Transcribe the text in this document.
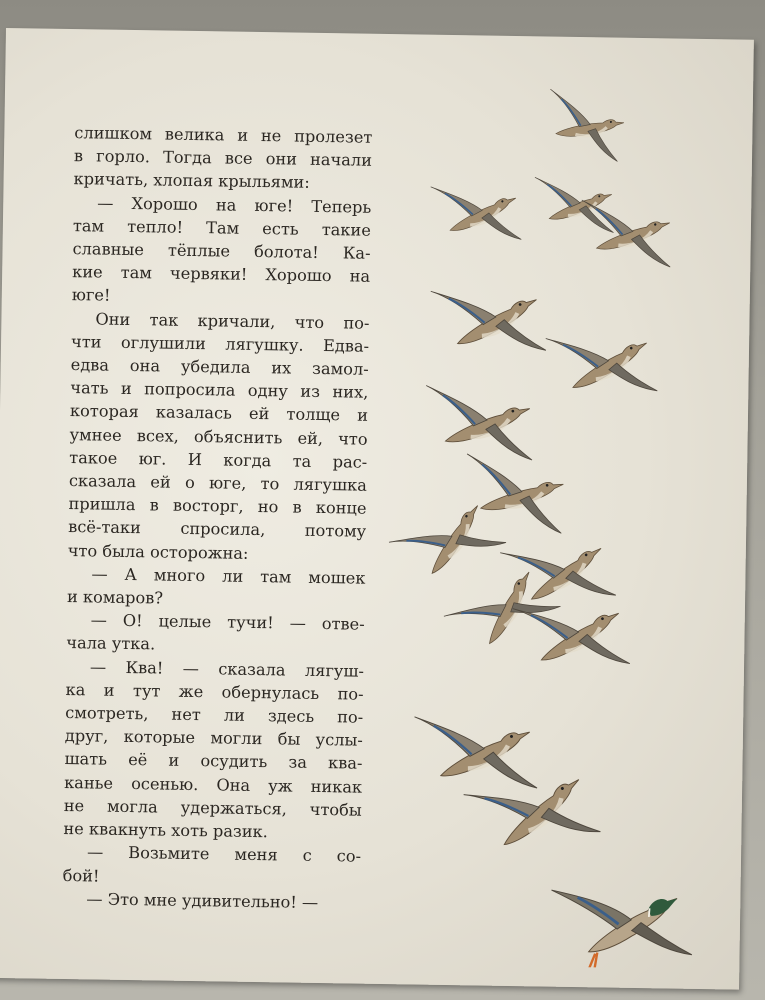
слишком велика и не пролезет
в горло. Тогда все они начали
кричать, хлопая крыльями:
— Хорошо на юге! Теперь
там тепло! Там есть такие
славные тёплые болота! Ка-
кие там червяки! Хорошо на
юге!
Они так кричали, что по-
чти оглушили лягушку. Едва-
едва она убедила их замол-
чать и попросила одну из них,
которая казалась ей толще и
умнее всех, объяснить ей, что
такое юг. И когда та рас-
сказала ей о юге, то лягушка
пришла в восторг, но в конце
всё-таки спросила, потому
что была осторожна:
— А много ли там мошек
и комаров?
— О! целые тучи! — отве-
чала утка.
— Ква! — сказала лягуш-
ка и тут же обернулась по-
смотреть, нет ли здесь по-
друг, которые могли бы услы-
шать её и осудить за ква-
канье осенью. Она уж никак
не могла удержаться, чтобы
не квакнуть хоть разик.
— Возьмите меня с со-
бой!
— Это мне удивительно! —
